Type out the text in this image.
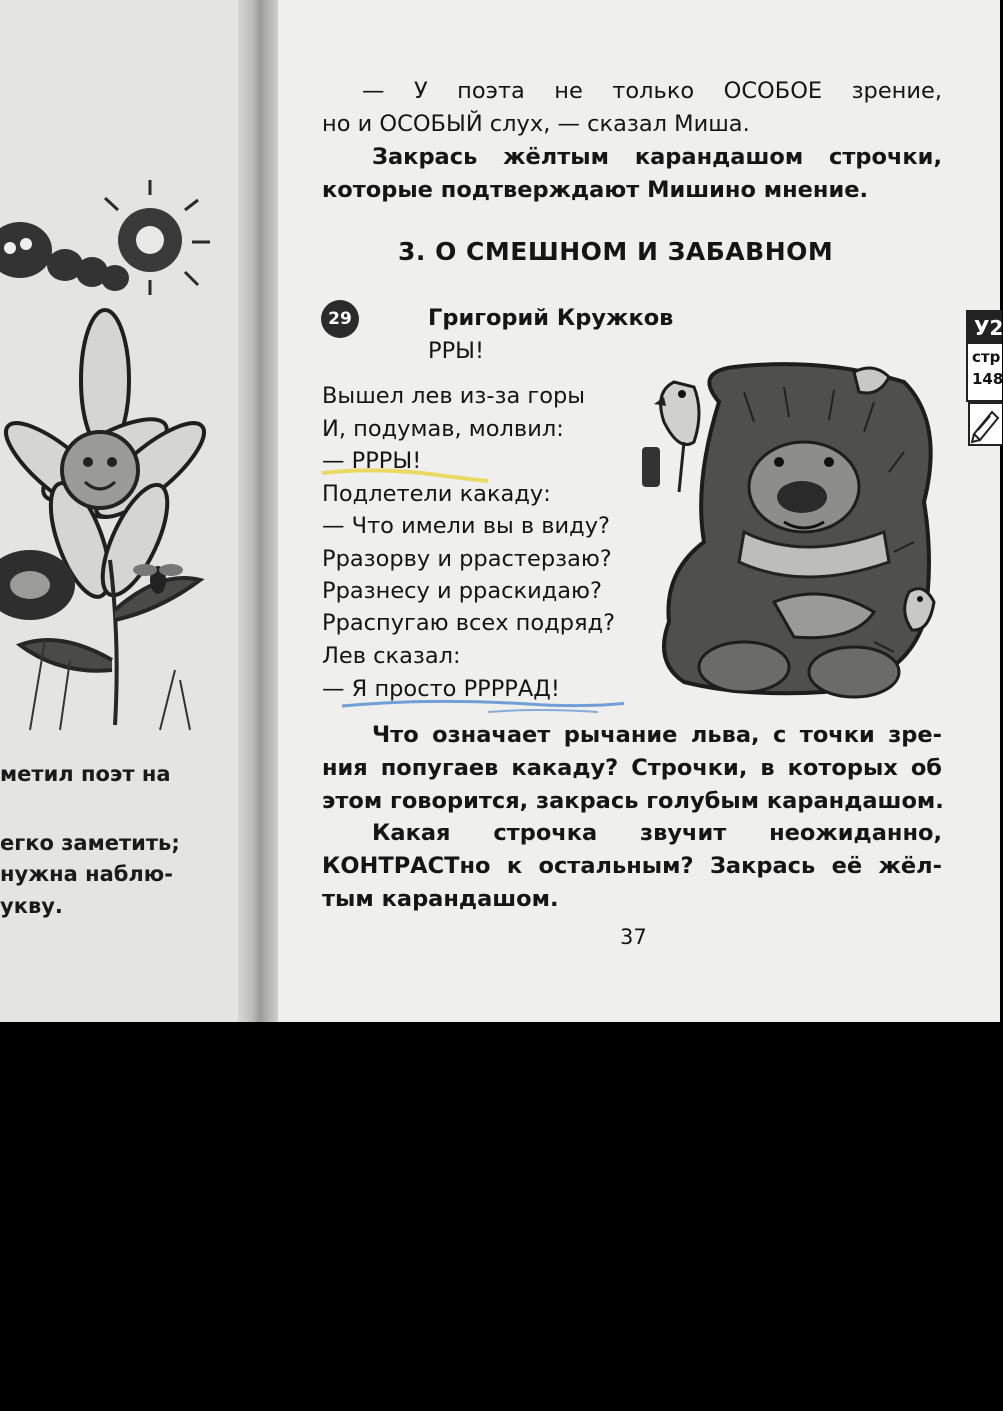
метил поэт на
егко заметить;
нужна наблю-
укву.
— У поэта не только ОСОБОЕ зрение,
но и ОСОБЫЙ слух, — сказал Миша.
Закрась жёлтым карандашом строчки,
которые подтверждают Мишино мнение.
3. О СМЕШНОМ И ЗАБАВНОМ
29	Григорий Кружков
РРЫ!
Вышел лев из-за горы
И, подумав, молвил:
— РРРЫ!
Подлетели какаду:
— Что имели вы в виду?
Рразорву и ррастерзаю?
Рразнесу и рраскидаю?
Рраспугаю всех подряд?
Лев сказал:
— Я просто РРРРАД!
Что означает рычание льва, с точки зре-
ния попугаев какаду? Строчки, в которых об
этом говорится, закрась голубым карандашом.
Какая строчка звучит неожиданно,
КОНТРАСТно к остальным? Закрась её жёл-
тым карандашом.
37
У2
стр
148
